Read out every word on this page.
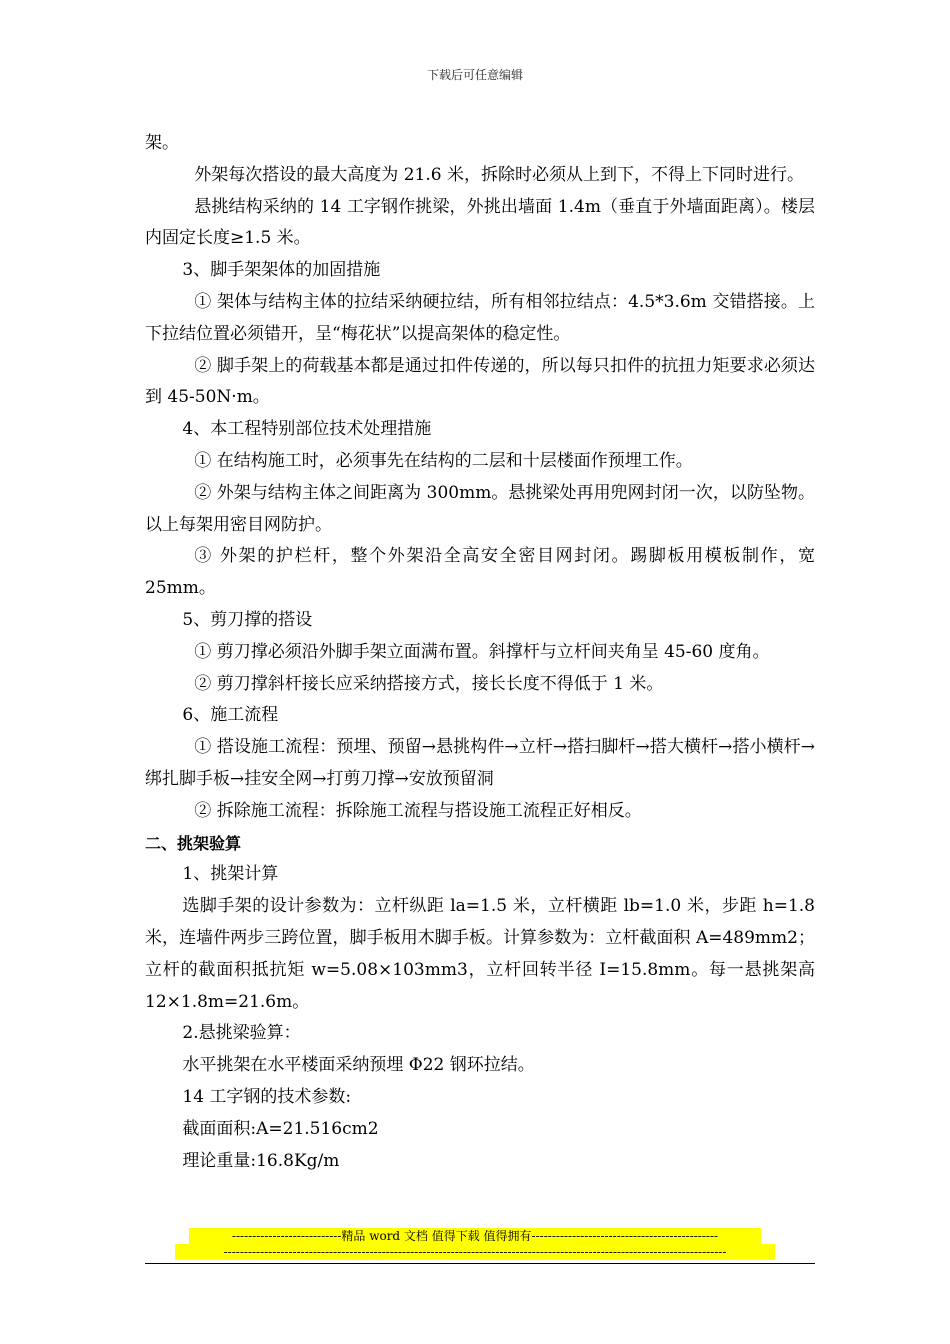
下载后可任意编辑

架。

外架每次搭设的最大高度为 21.6 米，拆除时必须从上到下，不得上下同时进行。

悬挑结构采纳的 14 工字钢作挑梁，外挑出墙面 1.4m（垂直于外墙面距离）。楼层内固定长度≥1.5 米。

3、脚手架架体的加固措施

① 架体与结构主体的拉结采纳硬拉结，所有相邻拉结点：4.5*3.6m 交错搭接。上下拉结位置必须错开，呈“梅花状”以提高架体的稳定性。

② 脚手架上的荷载基本都是通过扣件传递的，所以每只扣件的抗扭力矩要求必须达到 45-50N·m。

4、本工程特别部位技术处理措施

① 在结构施工时，必须事先在结构的二层和十层楼面作预埋工作。

② 外架与结构主体之间距离为 300mm。悬挑梁处再用兜网封闭一次，以防坠物。以上每架用密目网防护。

③ 外架的护栏杆，整个外架沿全高安全密目网封闭。踢脚板用模板制作，宽 25mm。

5、剪刀撑的搭设

① 剪刀撑必须沿外脚手架立面满布置。斜撑杆与立杆间夹角呈 45-60 度角。

② 剪刀撑斜杆接长应采纳搭接方式，接长长度不得低于 1 米。

6、施工流程

① 搭设施工流程：预埋、预留→悬挑构件→立杆→搭扫脚杆→搭大横杆→搭小横杆→绑扎脚手板→挂安全网→打剪刀撑→安放预留洞

② 拆除施工流程：拆除施工流程与搭设施工流程正好相反。

二、挑架验算

1、挑架计算

选脚手架的设计参数为：立杆纵距 la=1.5 米，立杆横距 lb=1.0 米，步距 h=1.8 米，连墙件两步三跨位置，脚手板用木脚手板。计算参数为：立杆截面积 A=489mm2；立杆的截面积抵抗矩 w=5.08×103mm3，立杆回转半径 I=15.8mm。每一悬挑架高 12×1.8m=21.6m。

2.悬挑梁验算：

水平挑架在水平楼面采纳预埋 Φ22 钢环拉结。

14 工字钢的技术参数:

截面面积:A=21.516cm2

理论重量:16.8Kg/m

---------------------------精品 word 文档 值得下载 值得拥有----------------------------------------------
----------------------------------------------------------------------------------------------------------------------------
